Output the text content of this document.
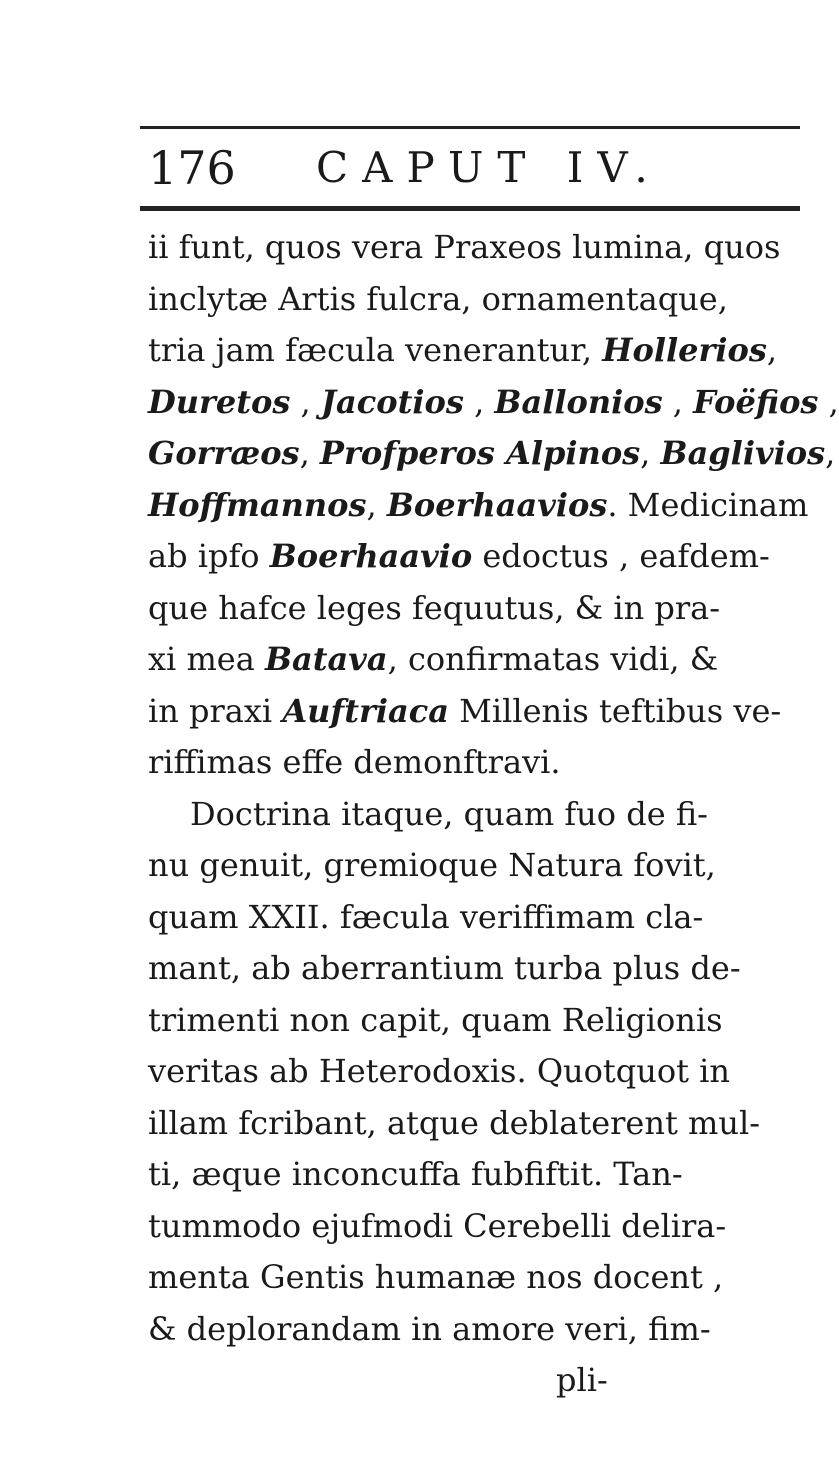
176 CAPUT IV.
ii funt, quos vera Praxeos lumina, quos
inclytæ Artis fulcra, ornamentaque,
tria jam fæcula venerantur, Hollerios,
Duretos , Jacotios , Ballonios , Foëfios ,
Gorræos, Profperos Alpinos, Baglivios,
Hoffmannos, Boerhaavios. Medicinam
ab ipfo Boerhaavio edoctus , eafdem-
que hafce leges fequutus, & in pra-
xi mea Batava, confirmatas vidi, &
in praxi Auftriaca Millenis teftibus ve-
riffimas effe demonftravi.
Doctrina itaque, quam fuo de fi-
nu genuit, gremioque Natura fovit,
quam XXII. fæcula veriffimam cla-
mant, ab aberrantium turba plus de-
trimenti non capit, quam Religionis
veritas ab Heterodoxis. Quotquot in
illam fcribant, atque deblaterent mul-
ti, æque inconcuffa fubfiftit. Tan-
tummodo ejufmodi Cerebelli delira-
menta Gentis humanæ nos docent ,
& deplorandam in amore veri, fim-
pli-
